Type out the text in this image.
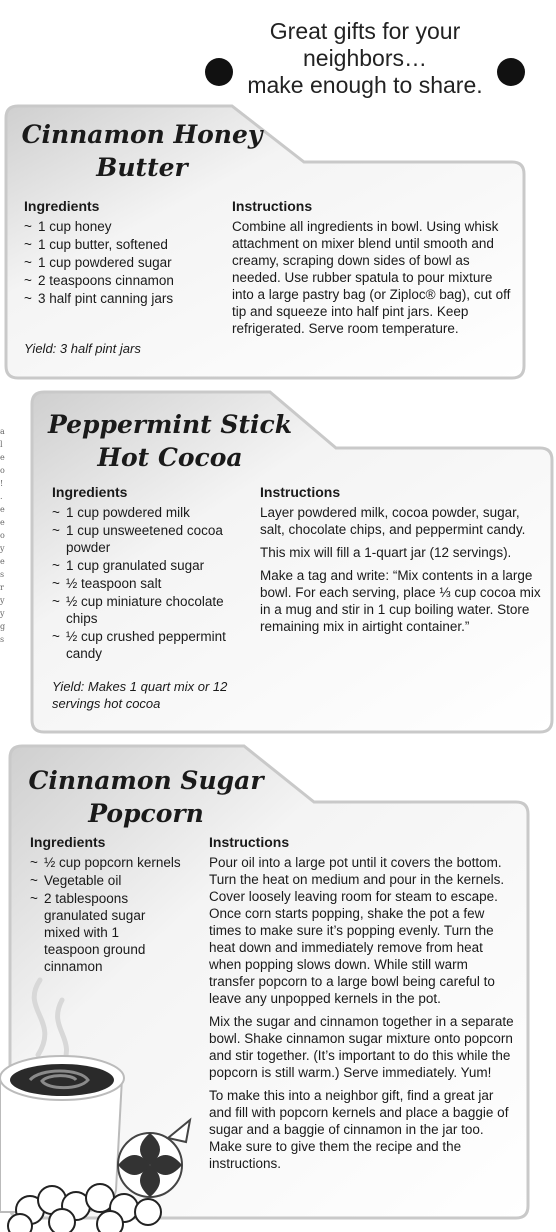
Great gifts for your
neighbors…
make enough to share.
a l e o ! . e e o y e s r y y g s
Cinnamon Honey
Butter
Ingredients
~ 1 cup honey
~ 1 cup butter, softened
~ 1 cup powdered sugar
~ 2 teaspoons cinnamon
~ 3 half pint canning jars
Yield: 3 half pint jars
Instructions

Combine all ingredients in bowl. Using whisk attachment on mixer blend until smooth and creamy, scraping down sides of bowl as needed. Use rubber spatula to pour mixture into a large pastry bag (or Ziploc® bag), cut off tip and squeeze into half pint jars. Keep refrigerated. Serve room temperature.

Peppermint Stick
Hot Cocoa
Ingredients
~ 1 cup powdered milk
~ 1 cup unsweetened cocoa powder
~ 1 cup granulated sugar
~ ½ teaspoon salt
~ ½ cup miniature chocolate chips
~ ½ cup crushed peppermint candy
Yield: Makes 1 quart mix or 12 servings hot cocoa
Instructions

Layer powdered milk, cocoa powder, sugar, salt, chocolate chips, and peppermint candy.

This mix will fill a 1-quart jar (12 servings).

Make a tag and write: “Mix contents in a large bowl. For each serving, place ⅓ cup cocoa mix in a mug and stir in 1 cup boiling water. Store remaining mix in airtight container.”

Cinnamon Sugar
Popcorn
Ingredients
~ ½ cup popcorn kernels
~ Vegetable oil
~ 2 tablespoons granulated sugar mixed with 1 teaspoon ground cinnamon
Instructions

Pour oil into a large pot until it covers the bottom. Turn the heat on medium and pour in the kernels. Cover loosely leaving room for steam to escape. Once corn starts popping, shake the pot a few times to make sure it’s popping evenly. Turn the heat down and immediately remove from heat when popping slows down. While still warm transfer popcorn to a large bowl being careful to leave any unpopped kernels in the pot.

Mix the sugar and cinnamon together in a separate bowl. Shake cinnamon sugar mixture onto popcorn and stir together. (It’s important to do this while the popcorn is still warm.) Serve immediately. Yum!

To make this into a neighbor gift, find a great jar and fill with popcorn kernels and place a baggie of sugar and a baggie of cinnamon in the jar too. Make sure to give them the recipe and the instructions.
